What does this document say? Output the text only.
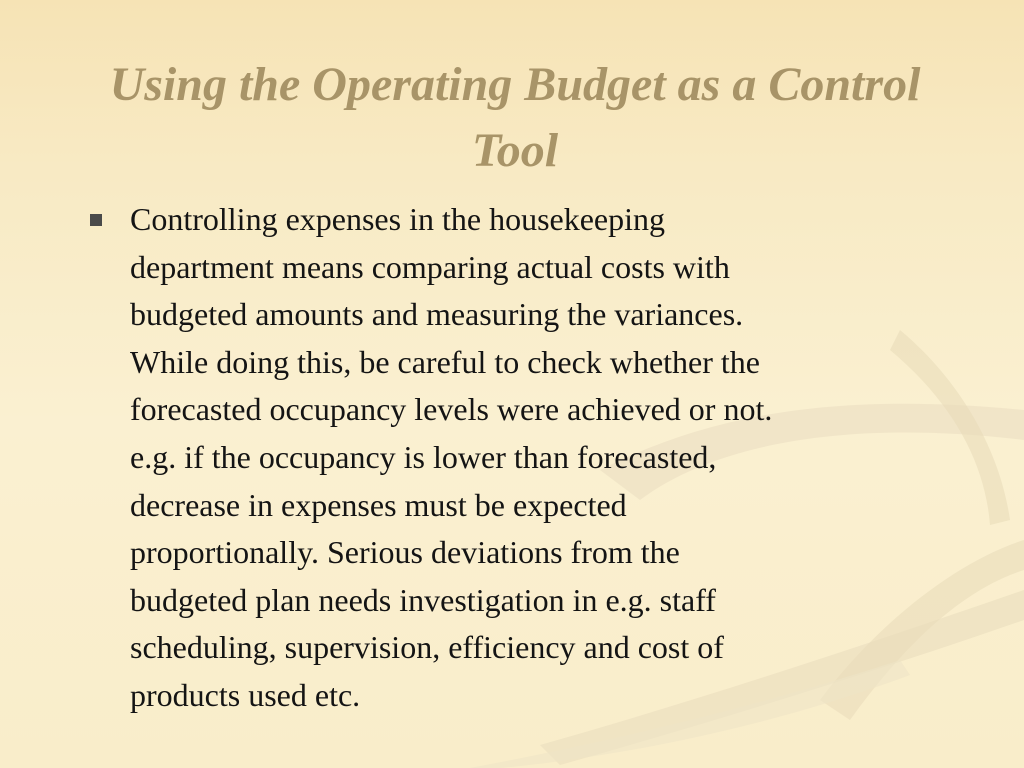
Using the Operating Budget as a Control Tool

Controlling expenses in the housekeeping
department means comparing actual costs with
budgeted amounts and measuring the variances.
While doing this, be careful to check whether the
forecasted occupancy levels were achieved or not.
e.g. if the occupancy is lower than forecasted,
decrease in expenses must be expected
proportionally. Serious deviations from the
budgeted plan needs investigation in e.g. staff
scheduling, supervision, efficiency and cost of
products used etc.
